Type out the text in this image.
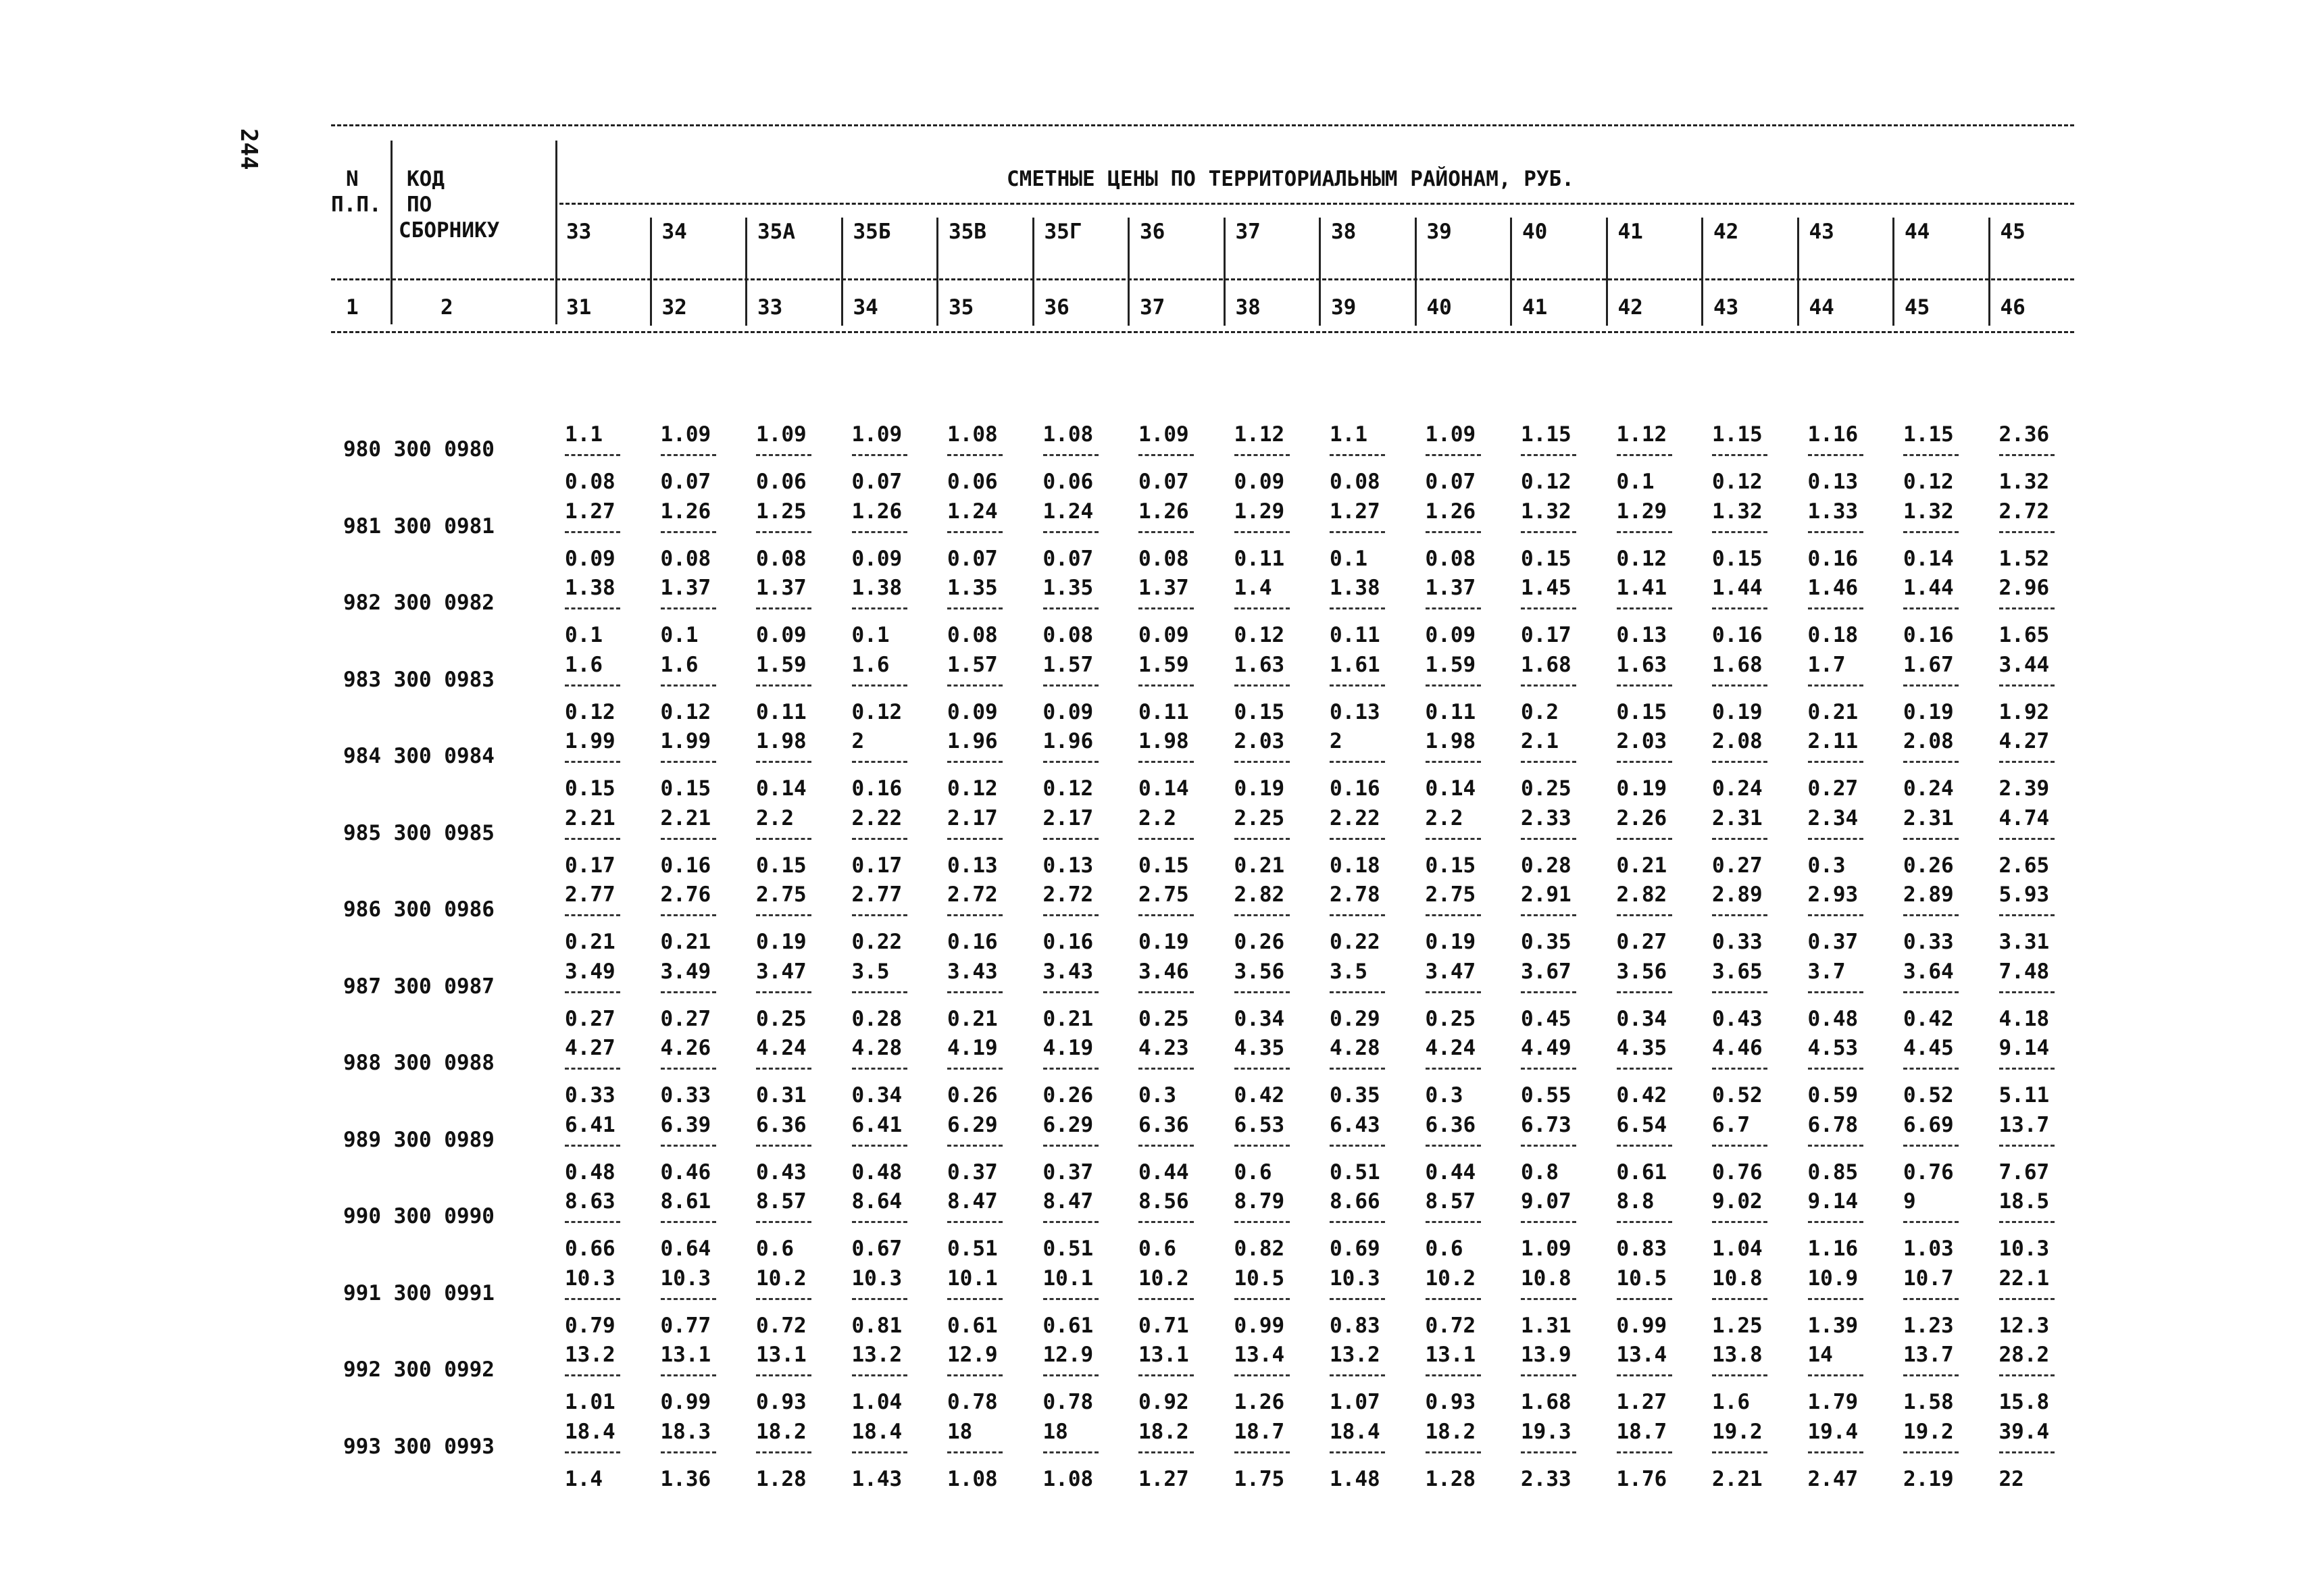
244
N
П.П.
КОД
ПО
СБОРНИКУ
СМЕТНЫЕ ЦЕНЫ ПО ТЕРРИТОРИАЛЬНЫМ РАЙОНАМ, РУБ.
1	2
33
31
34
32
35А
33
35Б
34
35В
35
35Г
36
36
37
37
38
38
39
39
40
40
41
41
42
42
43
43
44
44
45
45
46
980 300 0980
1.1
0.08
1.09
0.07
1.09
0.06
1.09
0.07
1.08
0.06
1.08
0.06
1.09
0.07
1.12
0.09
1.1
0.08
1.09
0.07
1.15
0.12
1.12
0.1
1.15
0.12
1.16
0.13
1.15
0.12
2.36
1.32
981 300 0981
1.27
0.09
1.26
0.08
1.25
0.08
1.26
0.09
1.24
0.07
1.24
0.07
1.26
0.08
1.29
0.11
1.27
0.1
1.26
0.08
1.32
0.15
1.29
0.12
1.32
0.15
1.33
0.16
1.32
0.14
2.72
1.52
982 300 0982
1.38
0.1
1.37
0.1
1.37
0.09
1.38
0.1
1.35
0.08
1.35
0.08
1.37
0.09
1.4
0.12
1.38
0.11
1.37
0.09
1.45
0.17
1.41
0.13
1.44
0.16
1.46
0.18
1.44
0.16
2.96
1.65
983 300 0983
1.6
0.12
1.6
0.12
1.59
0.11
1.6
0.12
1.57
0.09
1.57
0.09
1.59
0.11
1.63
0.15
1.61
0.13
1.59
0.11
1.68
0.2
1.63
0.15
1.68
0.19
1.7
0.21
1.67
0.19
3.44
1.92
984 300 0984
1.99
0.15
1.99
0.15
1.98
0.14
2
0.16
1.96
0.12
1.96
0.12
1.98
0.14
2.03
0.19
2
0.16
1.98
0.14
2.1
0.25
2.03
0.19
2.08
0.24
2.11
0.27
2.08
0.24
4.27
2.39
985 300 0985
2.21
0.17
2.21
0.16
2.2
0.15
2.22
0.17
2.17
0.13
2.17
0.13
2.2
0.15
2.25
0.21
2.22
0.18
2.2
0.15
2.33
0.28
2.26
0.21
2.31
0.27
2.34
0.3
2.31
0.26
4.74
2.65
986 300 0986
2.77
0.21
2.76
0.21
2.75
0.19
2.77
0.22
2.72
0.16
2.72
0.16
2.75
0.19
2.82
0.26
2.78
0.22
2.75
0.19
2.91
0.35
2.82
0.27
2.89
0.33
2.93
0.37
2.89
0.33
5.93
3.31
987 300 0987
3.49
0.27
3.49
0.27
3.47
0.25
3.5
0.28
3.43
0.21
3.43
0.21
3.46
0.25
3.56
0.34
3.5
0.29
3.47
0.25
3.67
0.45
3.56
0.34
3.65
0.43
3.7
0.48
3.64
0.42
7.48
4.18
988 300 0988
4.27
0.33
4.26
0.33
4.24
0.31
4.28
0.34
4.19
0.26
4.19
0.26
4.23
0.3
4.35
0.42
4.28
0.35
4.24
0.3
4.49
0.55
4.35
0.42
4.46
0.52
4.53
0.59
4.45
0.52
9.14
5.11
989 300 0989
6.41
0.48
6.39
0.46
6.36
0.43
6.41
0.48
6.29
0.37
6.29
0.37
6.36
0.44
6.53
0.6
6.43
0.51
6.36
0.44
6.73
0.8
6.54
0.61
6.7
0.76
6.78
0.85
6.69
0.76
13.7
7.67
990 300 0990
8.63
0.66
8.61
0.64
8.57
0.6
8.64
0.67
8.47
0.51
8.47
0.51
8.56
0.6
8.79
0.82
8.66
0.69
8.57
0.6
9.07
1.09
8.8
0.83
9.02
1.04
9.14
1.16
9
1.03
18.5
10.3
991 300 0991
10.3
0.79
10.3
0.77
10.2
0.72
10.3
0.81
10.1
0.61
10.1
0.61
10.2
0.71
10.5
0.99
10.3
0.83
10.2
0.72
10.8
1.31
10.5
0.99
10.8
1.25
10.9
1.39
10.7
1.23
22.1
12.3
992 300 0992
13.2
1.01
13.1
0.99
13.1
0.93
13.2
1.04
12.9
0.78
12.9
0.78
13.1
0.92
13.4
1.26
13.2
1.07
13.1
0.93
13.9
1.68
13.4
1.27
13.8
1.6
14
1.79
13.7
1.58
28.2
15.8
993 300 0993
18.4
1.4
18.3
1.36
18.2
1.28
18.4
1.43
18
1.08
18
1.08
18.2
1.27
18.7
1.75
18.4
1.48
18.2
1.28
19.3
2.33
18.7
1.76
19.2
2.21
19.4
2.47
19.2
2.19
39.4
22
